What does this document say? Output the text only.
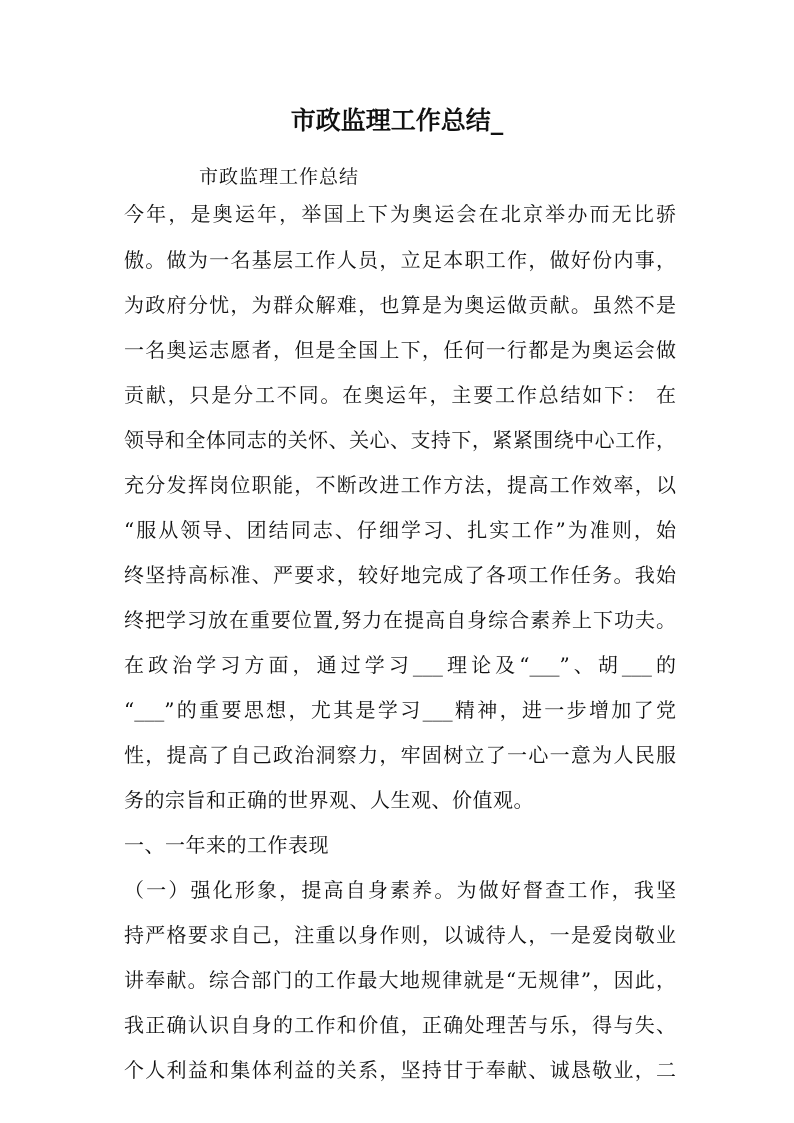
市政监理工作总结_

市政监理工作总结

今年，是奥运年，举国上下为奥运会在北京举办而无比骄

傲。做为一名基层工作人员，立足本职工作，做好份内事，

为政府分忧，为群众解难，也算是为奥运做贡献。虽然不是

一名奥运志愿者，但是全国上下，任何一行都是为奥运会做

贡献，只是分工不同。在奥运年，主要工作总结如下： 在

领导和全体同志的关怀、关心、支持下，紧紧围绕中心工作，

充分发挥岗位职能，不断改进工作方法，提高工作效率，以

“服从领导、团结同志、仔细学习、扎实工作”为准则，始

终坚持高标准、严要求，较好地完成了各项工作任务。我始

终把学习放在重要位置,努力在提高自身综合素养上下功夫。

在政治学习方面，通过学习___理论及“___”、胡___的

“___”的重要思想，尤其是学习___精神，进一步增加了党

性，提高了自己政治洞察力，牢固树立了一心一意为人民服

务的宗旨和正确的世界观、人生观、价值观。

一、一年来的工作表现

（一）强化形象，提高自身素养。为做好督查工作，我坚

持严格要求自己，注重以身作则，以诚待人，一是爱岗敬业

讲奉献。综合部门的工作最大地规律就是“无规律”，因此，

我正确认识自身的工作和价值，正确处理苦与乐，得与失、

个人利益和集体利益的关系，坚持甘于奉献、诚恳敬业，二
